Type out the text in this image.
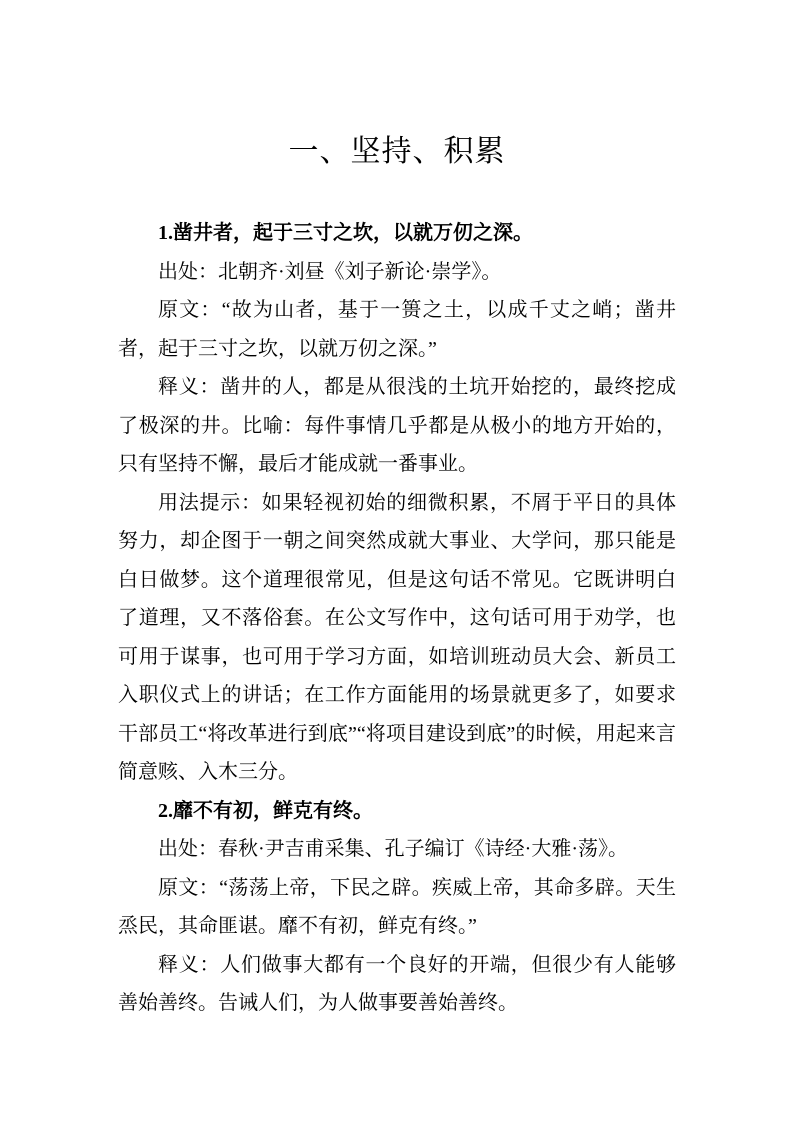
一、坚持、积累

1.凿井者，起于三寸之坎，以就万仞之深。

出处：北朝齐·刘昼《刘子新论·崇学》。

原文：“故为山者，基于一篑之土，以成千丈之峭；凿井者，起于三寸之坎，以就万仞之深。”

释义：凿井的人，都是从很浅的土坑开始挖的，最终挖成了极深的井。比喻：每件事情几乎都是从极小的地方开始的，只有坚持不懈，最后才能成就一番事业。

用法提示：如果轻视初始的细微积累，不屑于平日的具体努力，却企图于一朝之间突然成就大事业、大学问，那只能是白日做梦。这个道理很常见，但是这句话不常见。它既讲明白了道理，又不落俗套。在公文写作中，这句话可用于劝学，也可用于谋事，也可用于学习方面，如培训班动员大会、新员工入职仪式上的讲话；在工作方面能用的场景就更多了，如要求干部员工“将改革进行到底”“将项目建设到底”的时候，用起来言简意赅、入木三分。

2.靡不有初，鲜克有终。

出处：春秋·尹吉甫采集、孔子编订《诗经·大雅·荡》。

原文：“荡荡上帝，下民之辟。疾威上帝，其命多辟。天生烝民，其命匪谌。靡不有初，鲜克有终。”

释义：人们做事大都有一个良好的开端，但很少有人能够善始善终。告诫人们，为人做事要善始善终。
